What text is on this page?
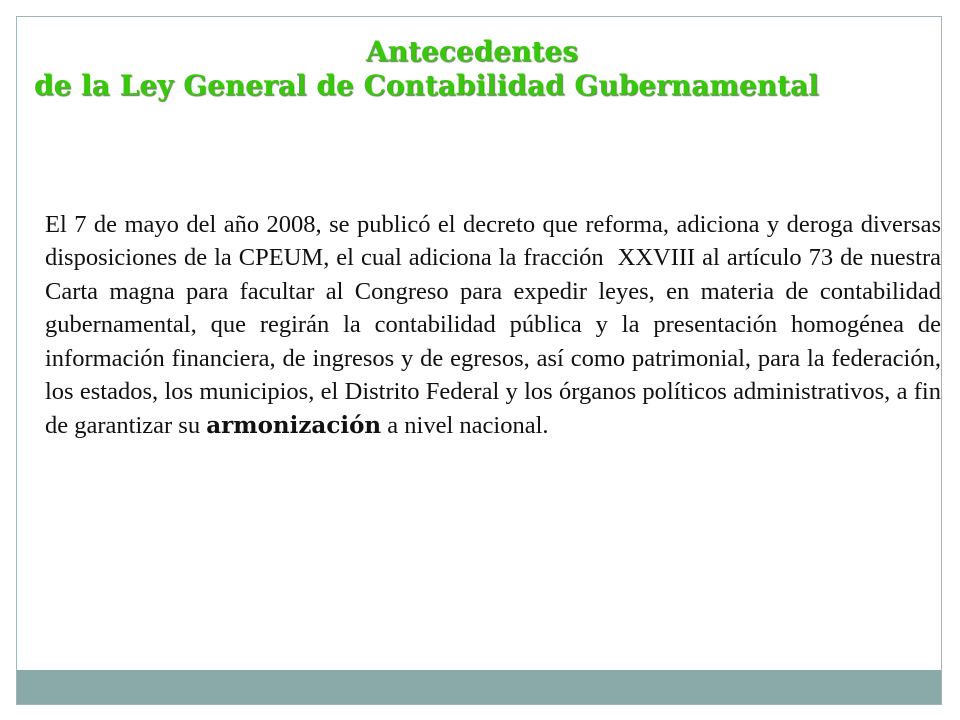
Antecedentes
de la Ley General de Contabilidad Gubernamental

El 7 de mayo del año 2008, se publicó el decreto que reforma, adiciona y deroga diversas disposiciones de la CPEUM, el cual adiciona la fracción  XXVIII al artículo 73 de nuestra Carta magna para facultar al Congreso para expedir leyes, en materia de contabilidad gubernamental, que regirán la contabilidad pública y la presentación homogénea de información financiera, de ingresos y de egresos, así como patrimonial, para la federación, los estados, los municipios, el Distrito Federal y los órganos políticos administrativos, a fin de garantizar su armonización a nivel nacional.
